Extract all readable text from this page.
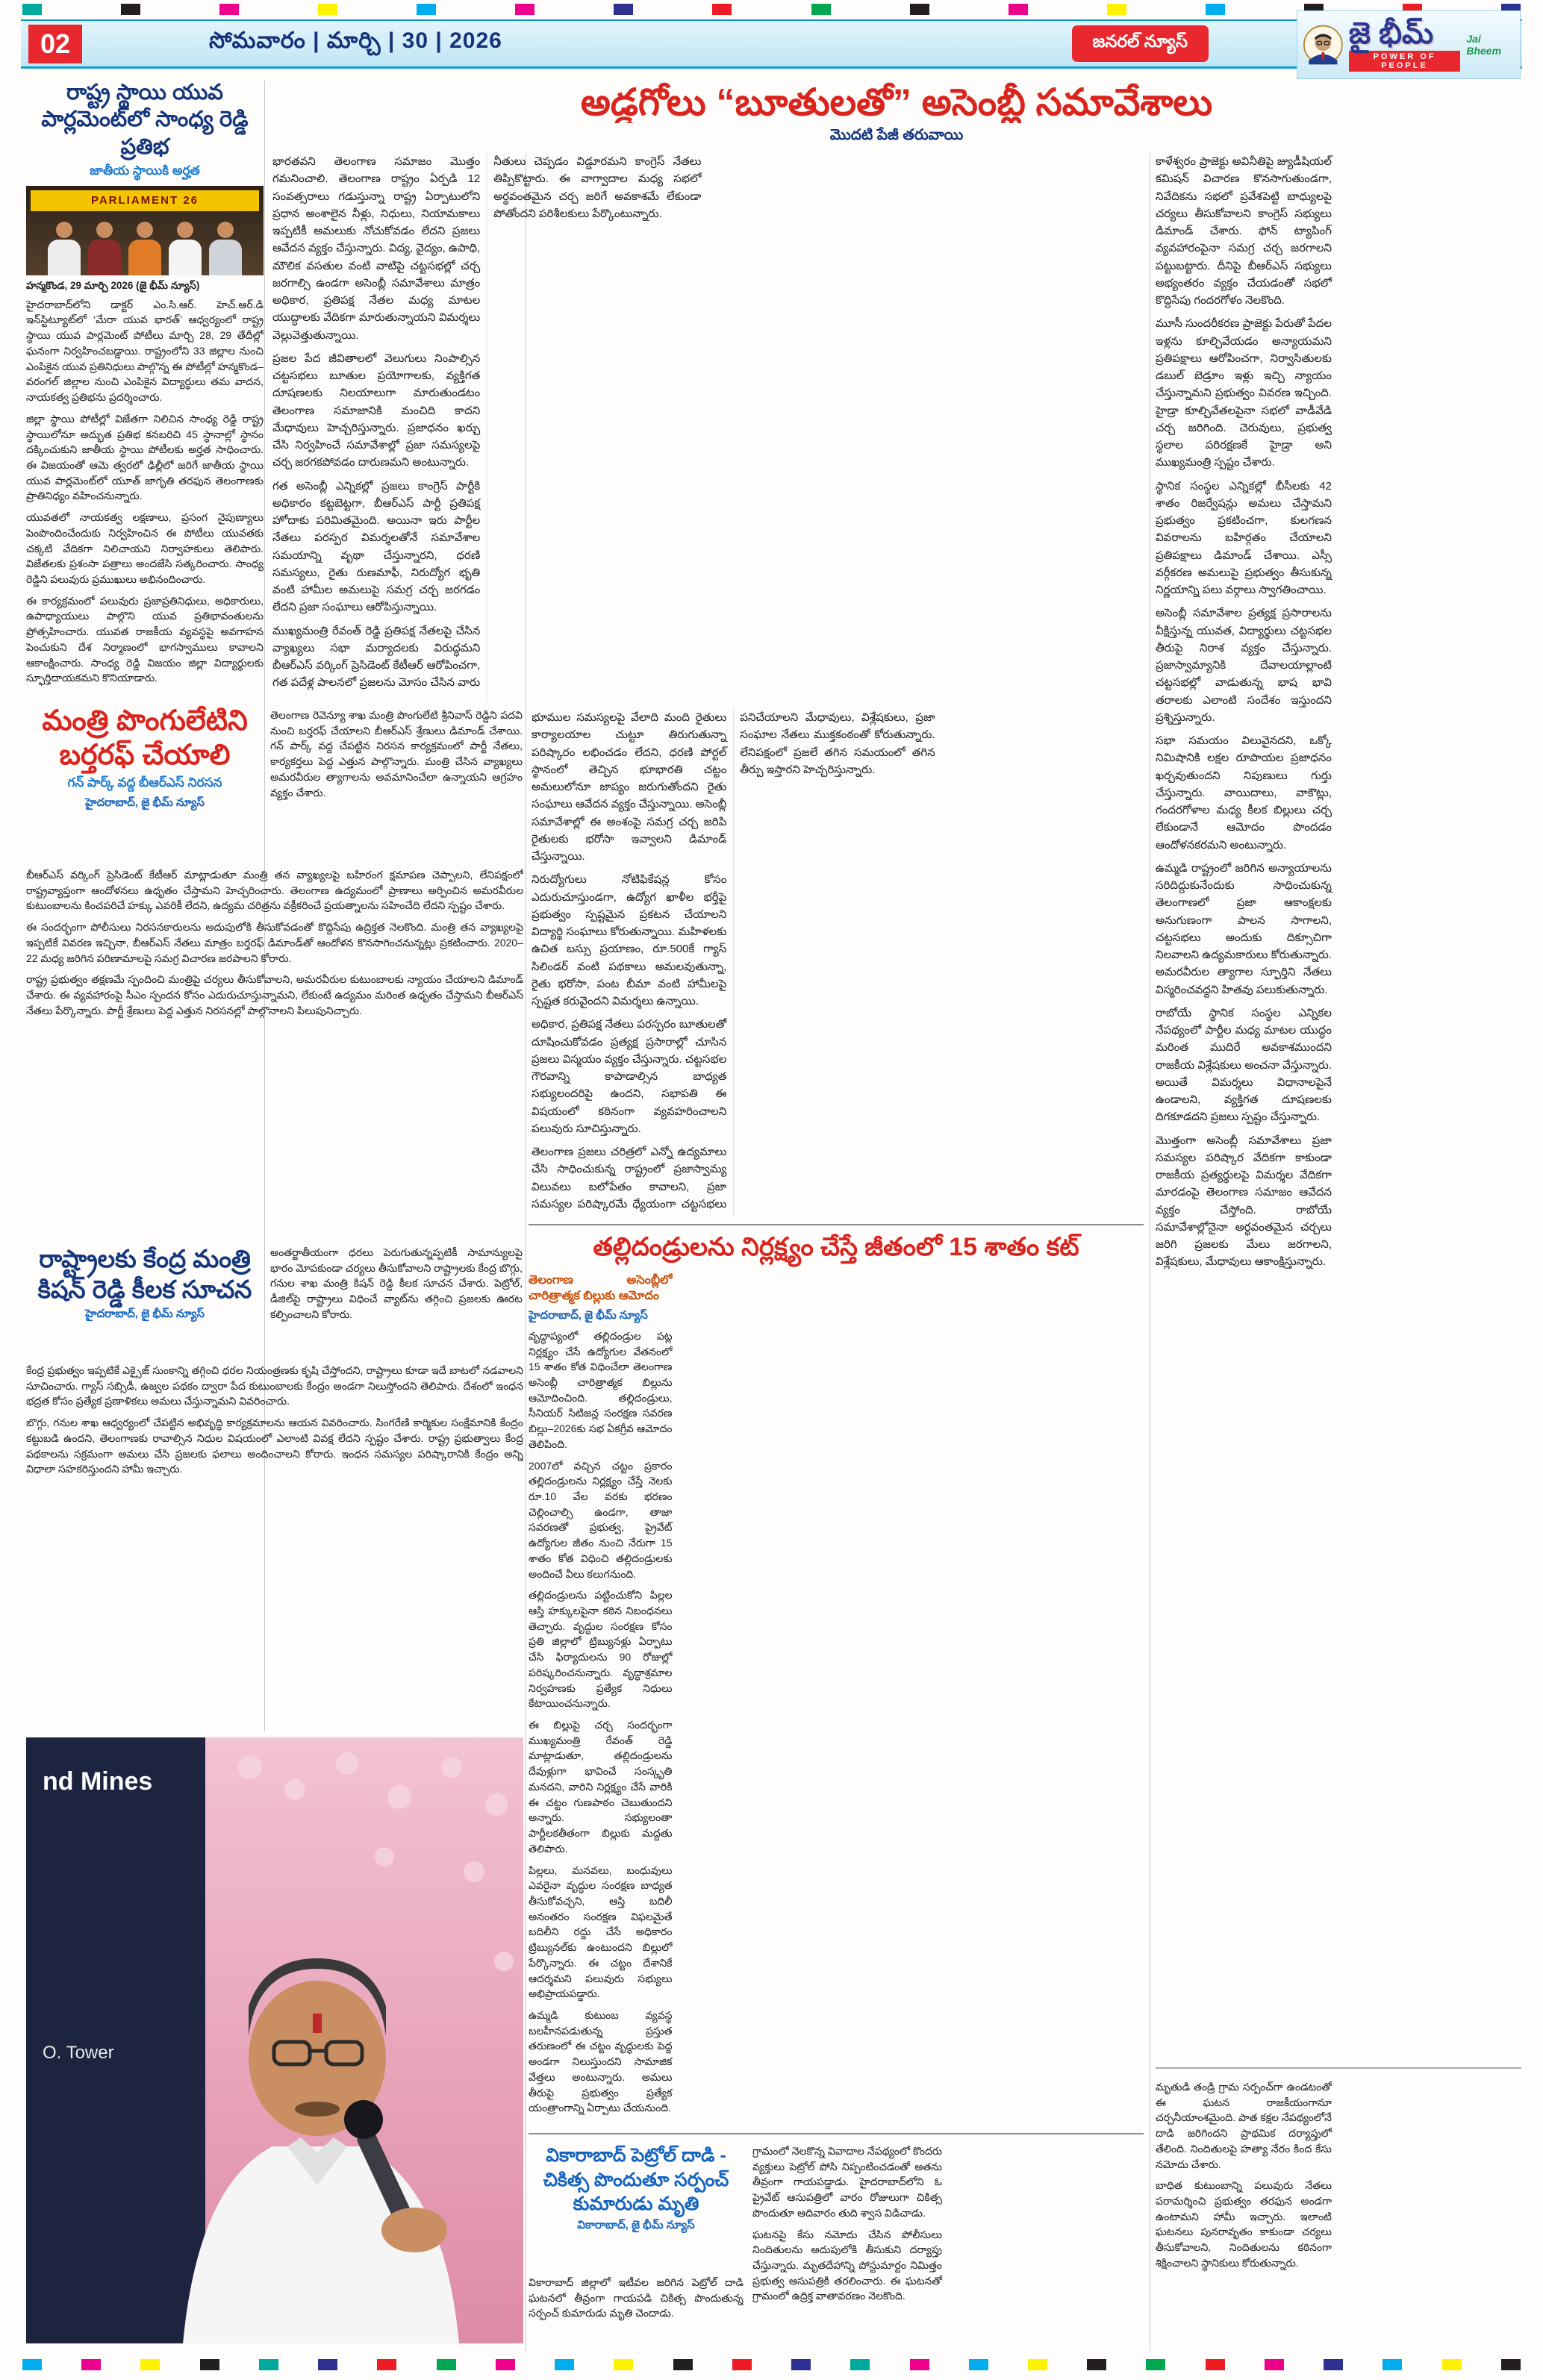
02	సోమవారం | మార్చి | 30 | 2026	జనరల్ న్యూస్	జై భీమ్
POWER OF PEOPLE
Jai Bheem
రాష్ట్ర స్థాయి యువ పార్లమెంట్‌లో సాంధ్య రెడ్డి ప్రతిభ
జాతీయ స్థాయికి అర్హత
PARLIAMENT 26
హన్మకొండ, 29 మార్చి 2026 (జై భీమ్ న్యూస్)

హైదరాబాద్‌లోని డాక్టర్ ఎం.సి.ఆర్. హెచ్.ఆర్.డి ఇన్‌స్టిట్యూట్‌లో ‘మేరా యువ భారత్’ ఆధ్వర్యంలో రాష్ట్ర స్థాయి యువ పార్లమెంట్ పోటీలు మార్చి 28, 29 తేదీల్లో ఘనంగా నిర్వహించబడ్డాయి. రాష్ట్రంలోని 33 జిల్లాల నుంచి ఎంపికైన యువ ప్రతినిధులు పాల్గొన్న ఈ పోటీల్లో హన్మకొండ–వరంగల్ జిల్లాల నుంచి ఎంపికైన విద్యార్థులు తమ వాదన, నాయకత్వ ప్రతిభను ప్రదర్శించారు.

జిల్లా స్థాయి పోటీల్లో విజేతగా నిలిచిన సాంధ్య రెడ్డి రాష్ట్ర స్థాయిలోనూ అద్భుత ప్రతిభ కనబరిచి 45 స్థానాల్లో స్థానం దక్కించుకుని జాతీయ స్థాయి పోటీలకు అర్హత సాధించారు. ఈ విజయంతో ఆమె త్వరలో ఢిల్లీలో జరిగే జాతీయ స్థాయి యువ పార్లమెంట్‌లో యూత్ జాగృతి తరఫున తెలంగాణకు ప్రాతినిధ్యం వహించనున్నారు.

యువతలో నాయకత్వ లక్షణాలు, ప్రసంగ నైపుణ్యాలు పెంపొందించేందుకు నిర్వహించిన ఈ పోటీలు యువతకు చక్కటి వేదికగా నిలిచాయని నిర్వాహకులు తెలిపారు. విజేతలకు ప్రశంసా పత్రాలు అందజేసి సత్కరించారు. సాంధ్య రెడ్డిని పలువురు ప్రముఖులు అభినందించారు.

ఈ కార్యక్రమంలో పలువురు ప్రజాప్రతినిధులు, అధికారులు, ఉపాధ్యాయులు పాల్గొని యువ ప్రతిభావంతులను ప్రోత్సహించారు. యువత రాజకీయ వ్యవస్థపై అవగాహన పెంచుకుని దేశ నిర్మాణంలో భాగస్వాములు కావాలని ఆకాంక్షించారు. సాంధ్య రెడ్డి విజయం జిల్లా విద్యార్థులకు స్ఫూర్తిదాయకమని కొనియాడారు.

మంత్రి పొంగులేటిని బర్తరఫ్ చేయాలి
గన్ పార్క్ వద్ద బీఆర్ఎస్ నిరసన
హైదరాబాద్, జై భీమ్ న్యూస్

తెలంగాణ రెవెన్యూ శాఖ మంత్రి పొంగులేటి శ్రీనివాస్ రెడ్డిని పదవి నుంచి బర్తరఫ్ చేయాలని బీఆర్ఎస్ శ్రేణులు డిమాండ్ చేశాయి. గన్ పార్క్ వద్ద చేపట్టిన నిరసన కార్యక్రమంలో పార్టీ నేతలు, కార్యకర్తలు పెద్ద ఎత్తున పాల్గొన్నారు. మంత్రి చేసిన వ్యాఖ్యలు అమరవీరుల త్యాగాలను అవమానించేలా ఉన్నాయని ఆగ్రహం వ్యక్తం చేశారు.

బీఆర్ఎస్ వర్కింగ్ ప్రెసిడెంట్ కేటీఆర్ మాట్లాడుతూ మంత్రి తన వ్యాఖ్యలపై బహిరంగ క్షమాపణ చెప్పాలని, లేనిపక్షంలో రాష్ట్రవ్యాప్తంగా ఆందోళనలు ఉధృతం చేస్తామని హెచ్చరించారు. తెలంగాణ ఉద్యమంలో ప్రాణాలు అర్పించిన అమరవీరుల కుటుంబాలను కించపరిచే హక్కు ఎవరికీ లేదని, ఉద్యమ చరిత్రను వక్రీకరించే ప్రయత్నాలను సహించేది లేదని స్పష్టం చేశారు.

ఈ సందర్భంగా పోలీసులు నిరసనకారులను అదుపులోకి తీసుకోవడంతో కొద్దిసేపు ఉద్రిక్తత నెలకొంది. మంత్రి తన వ్యాఖ్యలపై ఇప్పటికే వివరణ ఇచ్చినా, బీఆర్ఎస్ నేతలు మాత్రం బర్తరఫ్ డిమాండ్‌తో ఆందోళన కొనసాగించనున్నట్లు ప్రకటించారు. 2020–22 మధ్య జరిగిన పరిణామాలపై సమగ్ర విచారణ జరపాలని కోరారు.

రాష్ట్ర ప్రభుత్వం తక్షణమే స్పందించి మంత్రిపై చర్యలు తీసుకోవాలని, అమరవీరుల కుటుంబాలకు న్యాయం చేయాలని డిమాండ్ చేశారు. ఈ వ్యవహారంపై సీఎం స్పందన కోసం ఎదురుచూస్తున్నామని, లేకుంటే ఉద్యమం మరింత ఉధృతం చేస్తామని బీఆర్ఎస్ నేతలు పేర్కొన్నారు. పార్టీ శ్రేణులు పెద్ద ఎత్తున నిరసనల్లో పాల్గొనాలని పిలుపునిచ్చారు.

రాష్ట్రాలకు కేంద్ర మంత్రి కిషన్ రెడ్డి కీలక సూచన
హైదరాబాద్, జై భీమ్ న్యూస్

అంతర్జాతీయంగా ధరలు పెరుగుతున్నప్పటికీ సామాన్యులపై భారం మోపకుండా చర్యలు తీసుకోవాలని రాష్ట్రాలకు కేంద్ర బొగ్గు, గనుల శాఖ మంత్రి కిషన్ రెడ్డి కీలక సూచన చేశారు. పెట్రోల్, డీజిల్‌పై రాష్ట్రాలు విధించే వ్యాట్‌ను తగ్గించి ప్రజలకు ఊరట కల్పించాలని కోరారు.

కేంద్ర ప్రభుత్వం ఇప్పటికే ఎక్సైజ్ సుంకాన్ని తగ్గించి ధరల నియంత్రణకు కృషి చేస్తోందని, రాష్ట్రాలు కూడా ఇదే బాటలో నడవాలని సూచించారు. గ్యాస్ సబ్సిడీ, ఉజ్వల పథకం ద్వారా పేద కుటుంబాలకు కేంద్రం అండగా నిలుస్తోందని తెలిపారు. దేశంలో ఇంధన భద్రత కోసం ప్రత్యేక ప్రణాళికలు అమలు చేస్తున్నామని వివరించారు.

బొగ్గు, గనుల శాఖ ఆధ్వర్యంలో చేపట్టిన అభివృద్ధి కార్యక్రమాలను ఆయన వివరించారు. సింగరేణి కార్మికుల సంక్షేమానికి కేంద్రం కట్టుబడి ఉందని, తెలంగాణకు రావాల్సిన నిధుల విషయంలో ఎలాంటి వివక్ష లేదని స్పష్టం చేశారు. రాష్ట్ర ప్రభుత్వాలు కేంద్ర పథకాలను సక్రమంగా అమలు చేసి ప్రజలకు ఫలాలు అందించాలని కోరారు. ఇంధన సమస్యల పరిష్కారానికి కేంద్రం అన్ని విధాలా సహకరిస్తుందని హామీ ఇచ్చారు.

nd Mines
O. Tower
అడ్డగోలు “బూతులతో” అసెంబ్లీ సమావేశాలు
మొదటి పేజీ తరువాయి

భారతవని తెలంగాణ సమాజం మొత్తం గమనించాలి. తెలంగాణ రాష్ట్రం ఏర్పడి 12 సంవత్సరాలు గడుస్తున్నా రాష్ట్ర ఏర్పాటులోని ప్రధాన అంశాలైన నీళ్లు, నిధులు, నియామకాలు ఇప్పటికీ అమలుకు నోచుకోవడం లేదని ప్రజలు ఆవేదన వ్యక్తం చేస్తున్నారు. విద్య, వైద్యం, ఉపాధి, మౌలిక వసతుల వంటి వాటిపై చట్టసభల్లో చర్చ జరగాల్సి ఉండగా అసెంబ్లీ సమావేశాలు మాత్రం అధికార, ప్రతిపక్ష నేతల మధ్య మాటల యుద్ధాలకు వేదికగా మారుతున్నాయని విమర్శలు వెల్లువెత్తుతున్నాయి.

ప్రజల పేద జీవితాలలో వెలుగులు నింపాల్సిన చట్టసభలు బూతుల ప్రయోగాలకు, వ్యక్తిగత దూషణలకు నిలయాలుగా మారుతుండటం తెలంగాణ సమాజానికి మంచిది కాదని మేధావులు హెచ్చరిస్తున్నారు. ప్రజాధనం ఖర్చు చేసి నిర్వహించే సమావేశాల్లో ప్రజా సమస్యలపై చర్చ జరగకపోవడం దారుణమని అంటున్నారు.

గత అసెంబ్లీ ఎన్నికల్లో ప్రజలు కాంగ్రెస్ పార్టీకి అధికారం కట్టబెట్టగా, బీఆర్ఎస్ పార్టీ ప్రతిపక్ష హోదాకు పరిమితమైంది. అయినా ఇరు పార్టీల నేతలు పరస్పర విమర్శలతోనే సమావేశాల సమయాన్ని వృథా చేస్తున్నారని, ధరణి సమస్యలు, రైతు రుణమాఫీ, నిరుద్యోగ భృతి వంటి హామీల అమలుపై సమగ్ర చర్చ జరగడం లేదని ప్రజా సంఘాలు ఆరోపిస్తున్నాయి.

ముఖ్యమంత్రి రేవంత్ రెడ్డి ప్రతిపక్ష నేతలపై చేసిన వ్యాఖ్యలు సభా మర్యాదలకు విరుద్ధమని బీఆర్ఎస్ వర్కింగ్ ప్రెసిడెంట్ కేటీఆర్ ఆరోపించగా, గత పదేళ్ల పాలనలో ప్రజలను మోసం చేసిన వారు నీతులు చెప్పడం విడ్డూరమని కాంగ్రెస్ నేతలు తిప్పికొట్టారు. ఈ వాగ్వాదాల మధ్య సభలో అర్థవంతమైన చర్చ జరిగే అవకాశమే లేకుండా పోతోందని పరిశీలకులు పేర్కొంటున్నారు.

భూముల సమస్యలపై వేలాది మంది రైతులు కార్యాలయాల చుట్టూ తిరుగుతున్నా పరిష్కారం లభించడం లేదని, ధరణి పోర్టల్ స్థానంలో తెచ్చిన భూభారతి చట్టం అమలులోనూ జాప్యం జరుగుతోందని రైతు సంఘాలు ఆవేదన వ్యక్తం చేస్తున్నాయి. అసెంబ్లీ సమావేశాల్లో ఈ అంశంపై సమగ్ర చర్చ జరిపి రైతులకు భరోసా ఇవ్వాలని డిమాండ్ చేస్తున్నాయి.

నిరుద్యోగులు నోటిఫికేషన్ల కోసం ఎదురుచూస్తుండగా, ఉద్యోగ ఖాళీల భర్తీపై ప్రభుత్వం స్పష్టమైన ప్రకటన చేయాలని విద్యార్థి సంఘాలు కోరుతున్నాయి. మహిళలకు ఉచిత బస్సు ప్రయాణం, రూ.500కే గ్యాస్ సిలిండర్ వంటి పథకాలు అమలవుతున్నా, రైతు భరోసా, పంట బీమా వంటి హామీలపై స్పష్టత కరువైందని విమర్శలు ఉన్నాయి.

అధికార, ప్రతిపక్ష నేతలు పరస్పరం బూతులతో దూషించుకోవడం ప్రత్యక్ష ప్రసారాల్లో చూసిన ప్రజలు విస్మయం వ్యక్తం చేస్తున్నారు. చట్టసభల గౌరవాన్ని కాపాడాల్సిన బాధ్యత సభ్యులందరిపై ఉందని, సభాపతి ఈ విషయంలో కఠినంగా వ్యవహరించాలని పలువురు సూచిస్తున్నారు.

తెలంగాణ ప్రజలు చరిత్రలో ఎన్నో ఉద్యమాలు చేసి సాధించుకున్న రాష్ట్రంలో ప్రజాస్వామ్య విలువలు బలోపేతం కావాలని, ప్రజా సమస్యల పరిష్కారమే ధ్యేయంగా చట్టసభలు పనిచేయాలని మేధావులు, విశ్లేషకులు, ప్రజా సంఘాల నేతలు ముక్తకంఠంతో కోరుతున్నారు. లేనిపక్షంలో ప్రజలే తగిన సమయంలో తగిన తీర్పు ఇస్తారని హెచ్చరిస్తున్నారు.

కాళేశ్వరం ప్రాజెక్టు అవినీతిపై జ్యుడీషియల్ కమిషన్ విచారణ కొనసాగుతుండగా, నివేదికను సభలో ప్రవేశపెట్టి బాధ్యులపై చర్యలు తీసుకోవాలని కాంగ్రెస్ సభ్యులు డిమాండ్ చేశారు. ఫోన్ ట్యాపింగ్ వ్యవహారంపైనా సమగ్ర చర్చ జరగాలని పట్టుబట్టారు. దీనిపై బీఆర్ఎస్ సభ్యులు అభ్యంతరం వ్యక్తం చేయడంతో సభలో కొద్దిసేపు గందరగోళం నెలకొంది.

మూసీ సుందరీకరణ ప్రాజెక్టు పేరుతో పేదల ఇళ్లను కూల్చివేయడం అన్యాయమని ప్రతిపక్షాలు ఆరోపించగా, నిర్వాసితులకు డబుల్ బెడ్రూం ఇళ్లు ఇచ్చి న్యాయం చేస్తున్నామని ప్రభుత్వం వివరణ ఇచ్చింది. హైడ్రా కూల్చివేతలపైనా సభలో వాడీవేడి చర్చ జరిగింది. చెరువులు, ప్రభుత్వ స్థలాల పరిరక్షణకే హైడ్రా అని ముఖ్యమంత్రి స్పష్టం చేశారు.

స్థానిక సంస్థల ఎన్నికల్లో బీసీలకు 42 శాతం రిజర్వేషన్లు అమలు చేస్తామని ప్రభుత్వం ప్రకటించగా, కులగణన వివరాలను బహిర్గతం చేయాలని ప్రతిపక్షాలు డిమాండ్ చేశాయి. ఎస్సీ వర్గీకరణ అమలుపై ప్రభుత్వం తీసుకున్న నిర్ణయాన్ని పలు వర్గాలు స్వాగతించాయి.

అసెంబ్లీ సమావేశాల ప్రత్యక్ష ప్రసారాలను వీక్షిస్తున్న యువత, విద్యార్థులు చట్టసభల తీరుపై నిరాశ వ్యక్తం చేస్తున్నారు. ప్రజాస్వామ్యానికి దేవాలయాల్లాంటి చట్టసభల్లో వాడుతున్న భాష భావి తరాలకు ఎలాంటి సందేశం ఇస్తుందని ప్రశ్నిస్తున్నారు.

సభా సమయం విలువైనదని, ఒక్కో నిమిషానికి లక్షల రూపాయల ప్రజాధనం ఖర్చవుతుందని నిపుణులు గుర్తు చేస్తున్నారు. వాయిదాలు, వాకౌట్లు, గందరగోళాల మధ్య కీలక బిల్లులు చర్చ లేకుండానే ఆమోదం పొందడం ఆందోళనకరమని అంటున్నారు.

ఉమ్మడి రాష్ట్రంలో జరిగిన అన్యాయాలను సరిదిద్దుకునేందుకు సాధించుకున్న తెలంగాణలో ప్రజా ఆకాంక్షలకు అనుగుణంగా పాలన సాగాలని, చట్టసభలు అందుకు దిక్సూచిగా నిలవాలని ఉద్యమకారులు కోరుతున్నారు. అమరవీరుల త్యాగాల స్ఫూర్తిని నేతలు విస్మరించవద్దని హితవు పలుకుతున్నారు.

రాబోయే స్థానిక సంస్థల ఎన్నికల నేపథ్యంలో పార్టీల మధ్య మాటల యుద్ధం మరింత ముదిరే అవకాశముందని రాజకీయ విశ్లేషకులు అంచనా వేస్తున్నారు. అయితే విమర్శలు విధానాలపైనే ఉండాలని, వ్యక్తిగత దూషణలకు దిగకూడదని ప్రజలు స్పష్టం చేస్తున్నారు.

మొత్తంగా అసెంబ్లీ సమావేశాలు ప్రజా సమస్యల పరిష్కార వేదికగా కాకుండా రాజకీయ ప్రత్యర్థులపై విమర్శల వేదికగా మారడంపై తెలంగాణ సమాజం ఆవేదన వ్యక్తం చేస్తోంది. రాబోయే సమావేశాల్లోనైనా అర్థవంతమైన చర్చలు జరిగి ప్రజలకు మేలు జరగాలని, విశ్లేషకులు, మేధావులు ఆకాంక్షిస్తున్నారు.

తల్లిదండ్రులను నిర్లక్ష్యం చేస్తే జీతంలో 15 శాతం కట్
తెలంగాణ అసెంబ్లీలో చారిత్రాత్మక బిల్లుకు ఆమోదం
హైదరాబాద్, జై భీమ్ న్యూస్

వృద్ధాప్యంలో తల్లిదండ్రుల పట్ల నిర్లక్ష్యం చేసే ఉద్యోగుల వేతనంలో 15 శాతం కోత విధించేలా తెలంగాణ అసెంబ్లీ చారిత్రాత్మక బిల్లును ఆమోదించింది. తల్లిదండ్రులు, సీనియర్ సిటిజన్ల సంరక్షణ సవరణ బిల్లు–2026కు సభ ఏకగ్రీవ ఆమోదం తెలిపింది.

2007లో వచ్చిన చట్టం ప్రకారం తల్లిదండ్రులను నిర్లక్ష్యం చేస్తే నెలకు రూ.10 వేల వరకు భరణం చెల్లించాల్సి ఉండగా, తాజా సవరణతో ప్రభుత్వ, ప్రైవేట్ ఉద్యోగుల జీతం నుంచి నేరుగా 15 శాతం కోత విధించి తల్లిదండ్రులకు అందించే వీలు కలుగనుంది.

తల్లిదండ్రులను పట్టించుకోని పిల్లల ఆస్తి హక్కులపైనా కఠిన నిబంధనలు తెచ్చారు. వృద్ధుల సంరక్షణ కోసం ప్రతి జిల్లాలో ట్రిబ్యునళ్లు ఏర్పాటు చేసి ఫిర్యాదులను 90 రోజుల్లో పరిష్కరించనున్నారు. వృద్ధాశ్రమాల నిర్వహణకు ప్రత్యేక నిధులు కేటాయించనున్నారు.

ఈ బిల్లుపై చర్చ సందర్భంగా ముఖ్యమంత్రి రేవంత్ రెడ్డి మాట్లాడుతూ, తల్లిదండ్రులను దేవుళ్లుగా భావించే సంస్కృతి మనదని, వారిని నిర్లక్ష్యం చేసే వారికి ఈ చట్టం గుణపాఠం చెబుతుందని అన్నారు. సభ్యులంతా పార్టీలకతీతంగా బిల్లుకు మద్దతు తెలిపారు.

పిల్లలు, మనవలు, బంధువులు ఎవరైనా వృద్ధుల సంరక్షణ బాధ్యత తీసుకోవచ్చని, ఆస్తి బదిలీ అనంతరం సంరక్షణ విఫలమైతే బదిలీని రద్దు చేసే అధికారం ట్రిబ్యునల్‌కు ఉంటుందని బిల్లులో పేర్కొన్నారు. ఈ చట్టం దేశానికే ఆదర్శమని పలువురు సభ్యులు అభిప్రాయపడ్డారు.

ఉమ్మడి కుటుంబ వ్యవస్థ బలహీనపడుతున్న ప్రస్తుత తరుణంలో ఈ చట్టం వృద్ధులకు పెద్ద అండగా నిలుస్తుందని సామాజిక వేత్తలు అంటున్నారు. అమలు తీరుపై ప్రభుత్వం ప్రత్యేక యంత్రాంగాన్ని ఏర్పాటు చేయనుంది.

వికారాబాద్ పెట్రోల్ దాడి - చికిత్స పొందుతూ సర్పంచ్ కుమారుడు మృతి
వికారాబాద్, జై భీమ్ న్యూస్

వికారాబాద్ జిల్లాలో ఇటీవల జరిగిన పెట్రోల్ దాడి ఘటనలో తీవ్రంగా గాయపడి చికిత్స పొందుతున్న సర్పంచ్ కుమారుడు మృతి చెందాడు.

గ్రామంలో నెలకొన్న వివాదాల నేపథ్యంలో కొందరు వ్యక్తులు పెట్రోల్ పోసి నిప్పంటించడంతో అతను తీవ్రంగా గాయపడ్డాడు. హైదరాబాద్‌లోని ఓ ప్రైవేట్ ఆసుపత్రిలో వారం రోజులుగా చికిత్స పొందుతూ ఆదివారం తుది శ్వాస విడిచాడు.

ఘటనపై కేసు నమోదు చేసిన పోలీసులు నిందితులను అదుపులోకి తీసుకుని దర్యాప్తు చేస్తున్నారు. మృతదేహాన్ని పోస్టుమార్టం నిమిత్తం ప్రభుత్వ ఆసుపత్రికి తరలించారు. ఈ ఘటనతో గ్రామంలో ఉద్రిక్త వాతావరణం నెలకొంది.

మృతుడి తండ్రి గ్రామ సర్పంచ్‌గా ఉండటంతో ఈ ఘటన రాజకీయంగానూ చర్చనీయాంశమైంది. పాత కక్షల నేపథ్యంలోనే దాడి జరిగిందని ప్రాథమిక దర్యాప్తులో తేలింది. నిందితులపై హత్యా నేరం కింద కేసు నమోదు చేశారు.

బాధిత కుటుంబాన్ని పలువురు నేతలు పరామర్శించి ప్రభుత్వం తరఫున అండగా ఉంటామని హామీ ఇచ్చారు. ఇలాంటి ఘటనలు పునరావృతం కాకుండా చర్యలు తీసుకోవాలని, నిందితులను కఠినంగా శిక్షించాలని స్థానికులు కోరుతున్నారు.
